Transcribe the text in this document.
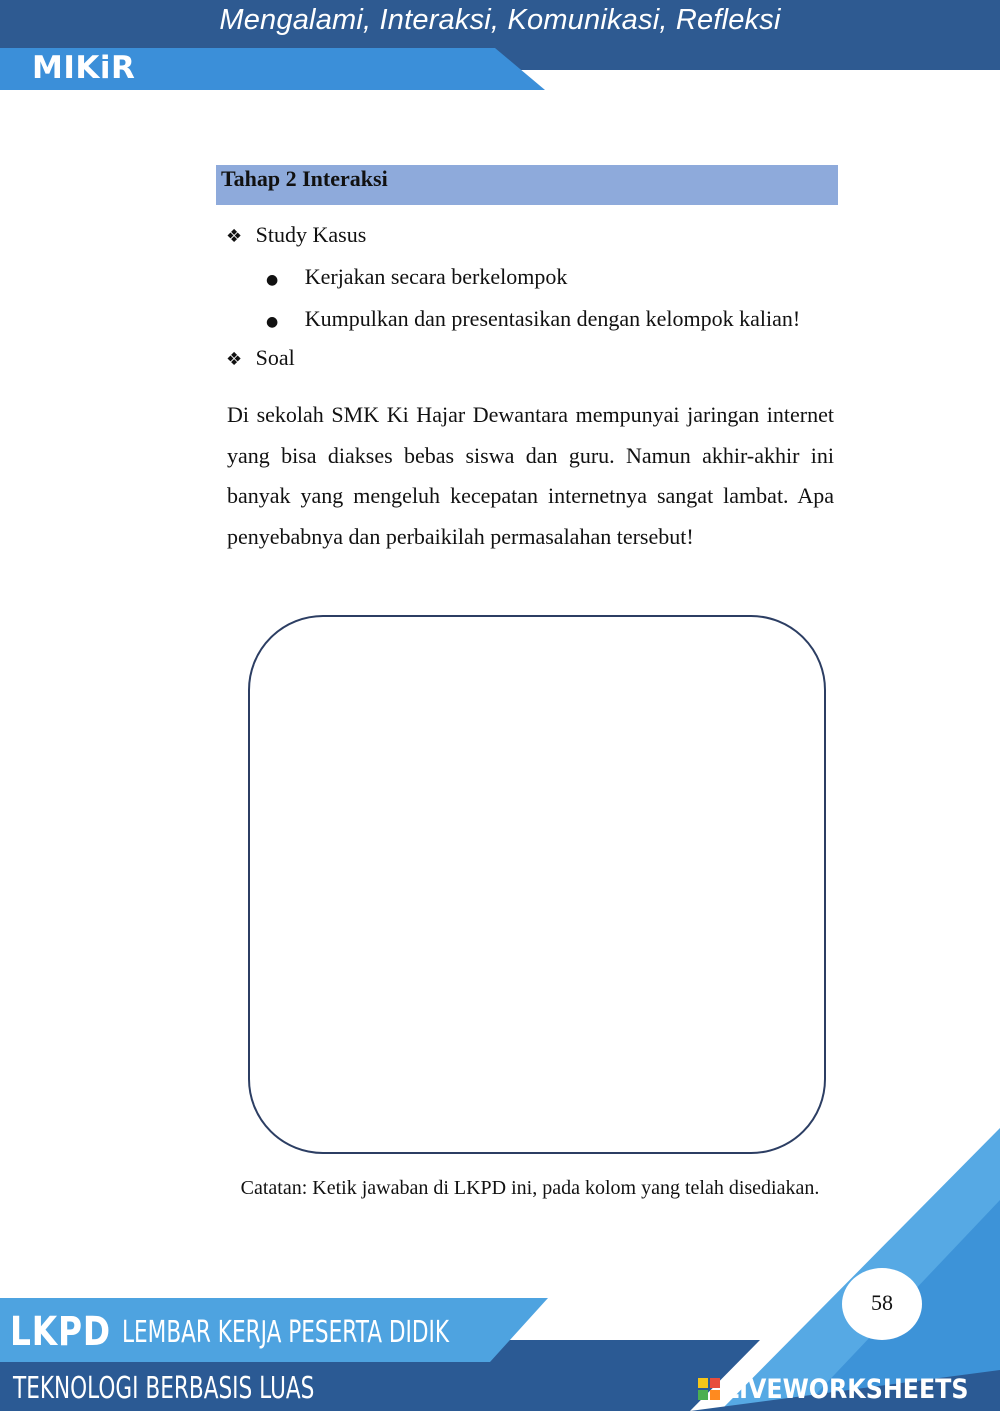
Mengalami, Interaksi, Komunikasi, Refleksi
MIKiR
Tahap 2 Interaksi
❖ Study Kasus
● Kerjakan secara berkelompok
● Kumpulkan dan presentasikan dengan kelompok kalian!
❖ Soal
Di sekolah SMK Ki Hajar Dewantara mempunyai jaringan internet yang bisa diakses bebas siswa dan guru. Namun akhir-akhir ini banyak yang mengeluh kecepatan internetnya sangat lambat. Apa penyebabnya dan perbaikilah permasalahan tersebut!
Catatan: Ketik jawaban di LKPD ini, pada kolom yang telah disediakan.
58
LKPD LEMBAR KERJA PESERTA DIDIK
TEKNOLOGI BERBASIS LUAS	LIVEWORKSHEETS
